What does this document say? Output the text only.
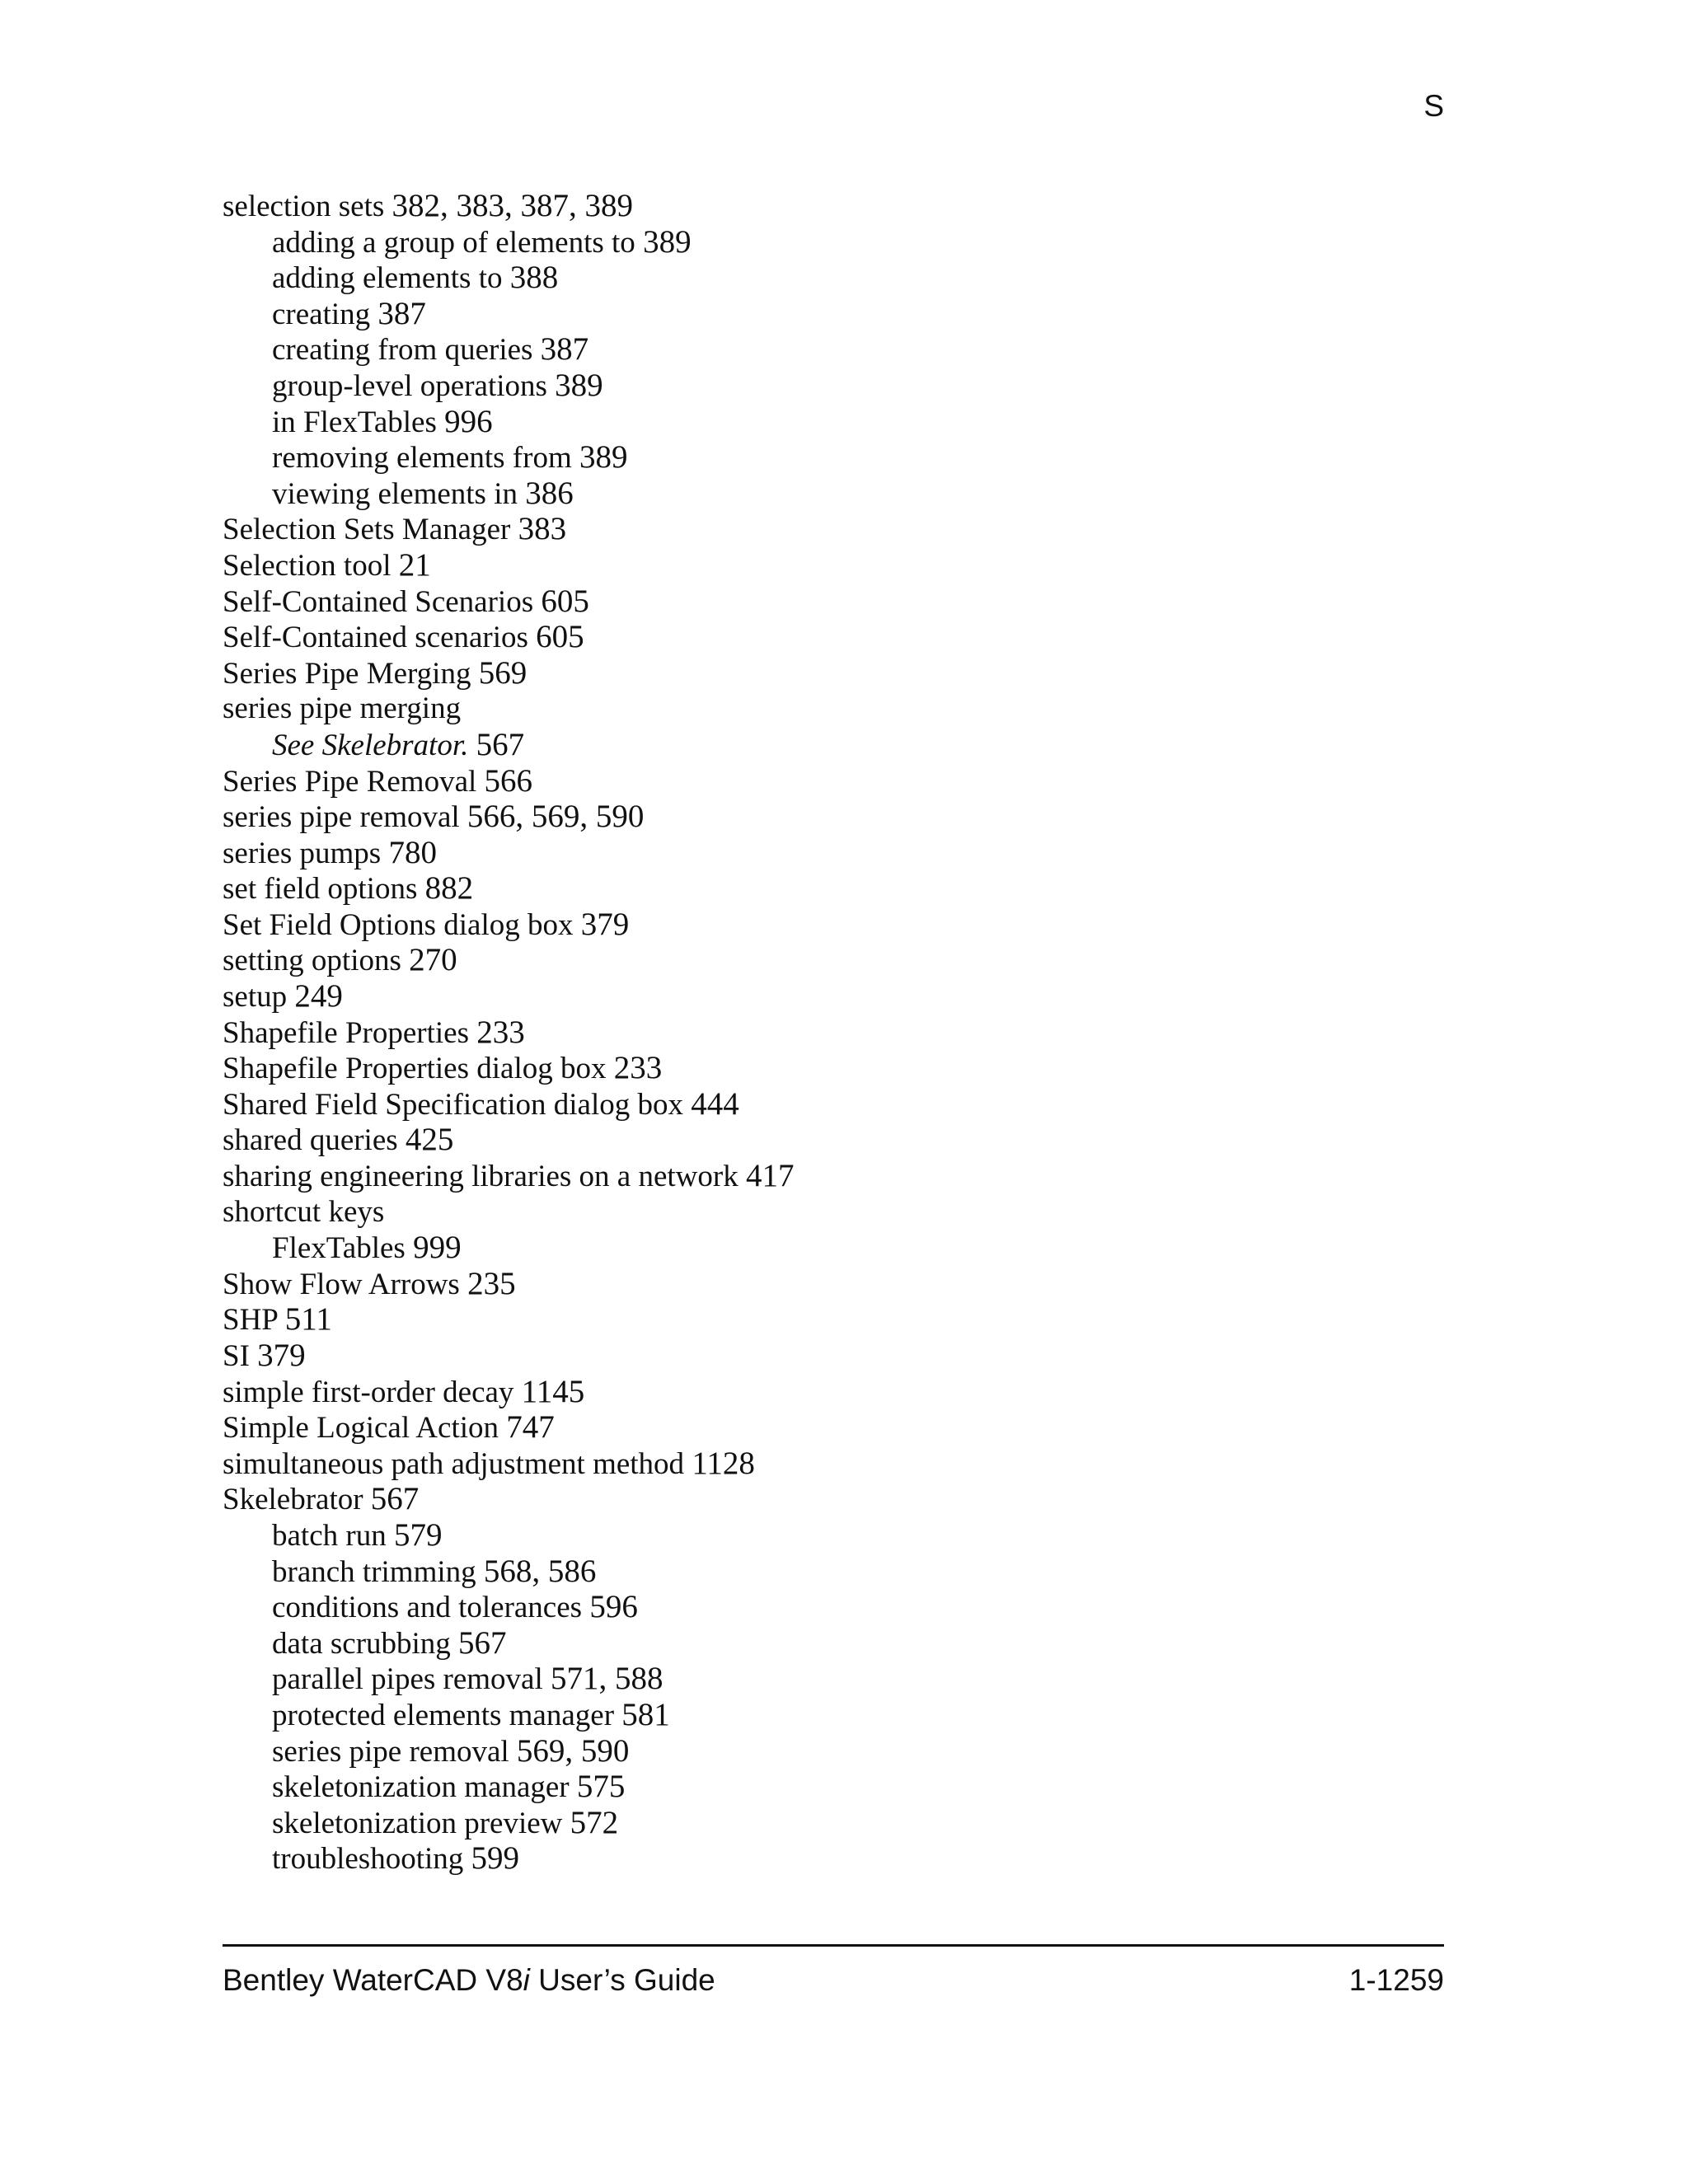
S
selection sets 382, 383, 387, 389
adding a group of elements to 389
adding elements to 388
creating 387
creating from queries 387
group-level operations 389
in FlexTables 996
removing elements from 389
viewing elements in 386
Selection Sets Manager 383
Selection tool 21
Self-Contained Scenarios 605
Self-Contained scenarios 605
Series Pipe Merging 569
series pipe merging
See Skelebrator. 567
Series Pipe Removal 566
series pipe removal 566, 569, 590
series pumps 780
set field options 882
Set Field Options dialog box 379
setting options 270
setup 249
Shapefile Properties 233
Shapefile Properties dialog box 233
Shared Field Specification dialog box 444
shared queries 425
sharing engineering libraries on a network 417
shortcut keys
FlexTables 999
Show Flow Arrows 235
SHP 511
SI 379
simple first-order decay 1145
Simple Logical Action 747
simultaneous path adjustment method 1128
Skelebrator 567
batch run 579
branch trimming 568, 586
conditions and tolerances 596
data scrubbing 567
parallel pipes removal 571, 588
protected elements manager 581
series pipe removal 569, 590
skeletonization manager 575
skeletonization preview 572
troubleshooting 599
Bentley WaterCAD V8i User’s Guide	1-1259
